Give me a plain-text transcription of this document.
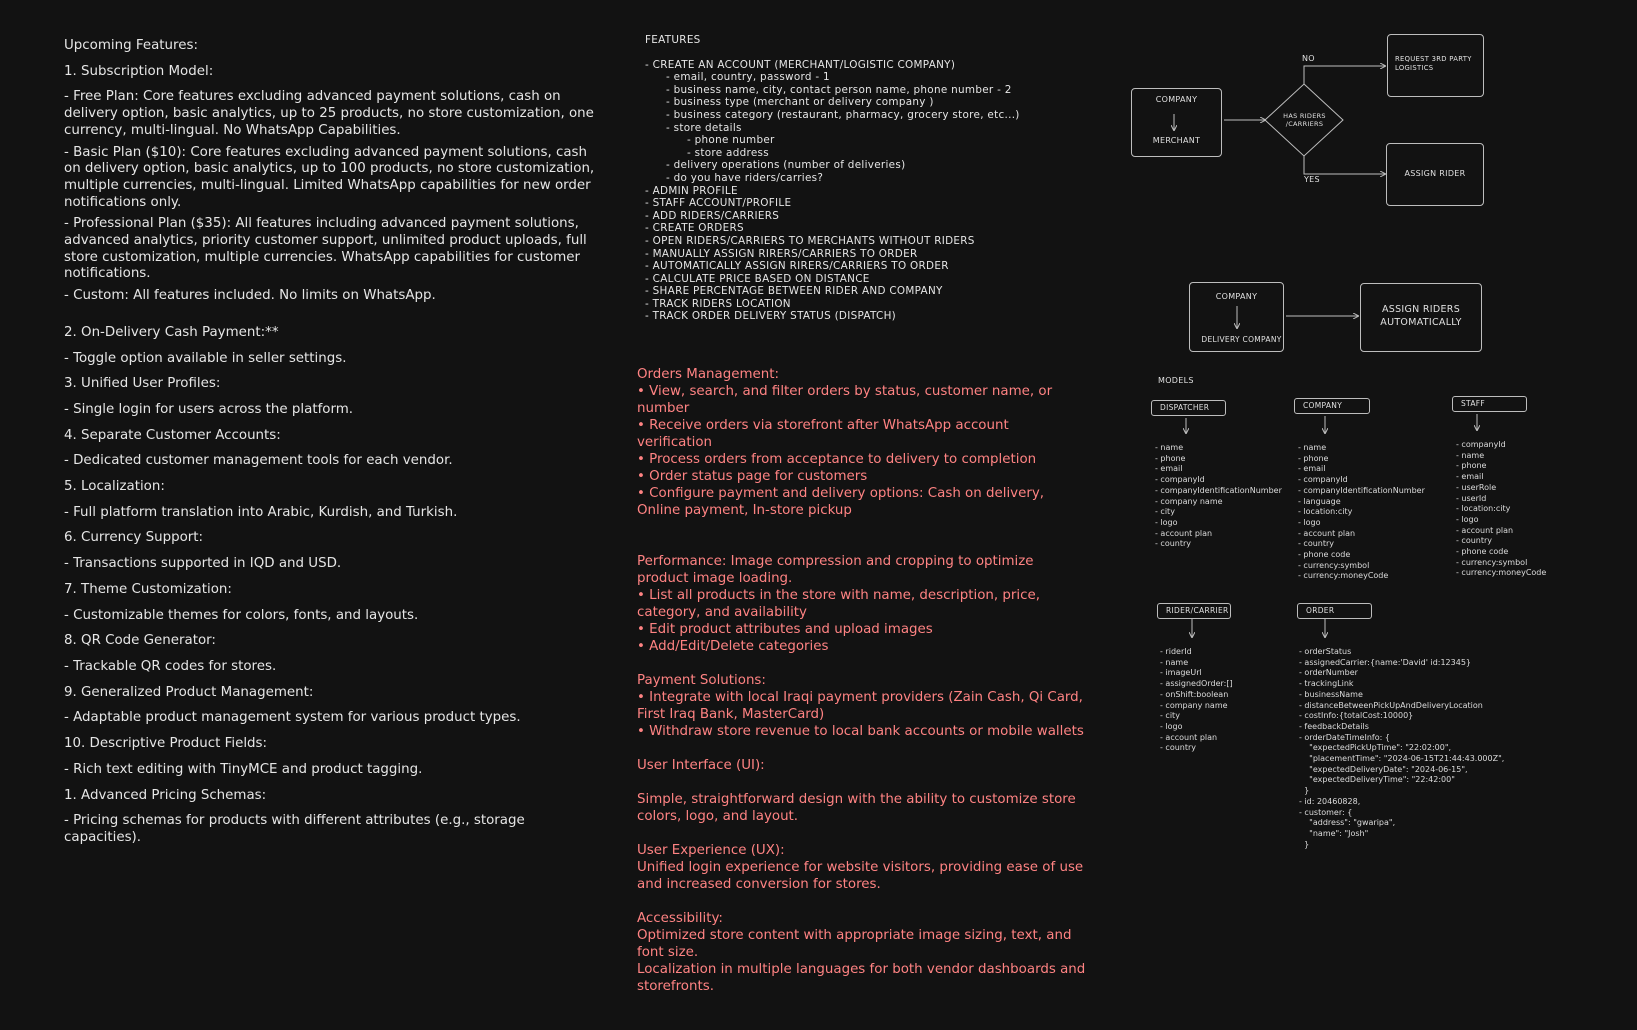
Upcoming Features:

1. Subscription Model:

- Free Plan: Core features excluding advanced payment solutions, cash on delivery option, basic analytics, up to 25 products, no store customization, one currency, multi-lingual. No WhatsApp Capabilities.

- Basic Plan ($10): Core features excluding advanced payment solutions, cash on delivery option, basic analytics, up to 100 products, no store customization, multiple currencies, multi-lingual. Limited WhatsApp capabilities for new order notifications only.

- Professional Plan ($35): All features including advanced payment solutions, advanced analytics, priority customer support, unlimited product uploads, full store customization, multiple currencies. WhatsApp capabilities for customer notifications.

- Custom: All features included. No limits on WhatsApp.

2. On-Delivery Cash Payment:**

- Toggle option available in seller settings.

3. Unified User Profiles:

- Single login for users across the platform.

4. Separate Customer Accounts:

- Dedicated customer management tools for each vendor.

5. Localization:

- Full platform translation into Arabic, Kurdish, and Turkish.

6. Currency Support:

- Transactions supported in IQD and USD.

7. Theme Customization:

- Customizable themes for colors, fonts, and layouts.

8. QR Code Generator:

- Trackable QR codes for stores.

9. Generalized Product Management:

- Adaptable product management system for various product types.

10. Descriptive Product Fields:

- Rich text editing with TinyMCE and product tagging.

1. Advanced Pricing Schemas:

- Pricing schemas for products with different attributes (e.g., storage capacities).

FEATURES
- CREATE AN ACCOUNT (MERCHANT/LOGISTIC COMPANY)
- email, country, password - 1
- business name, city, contact person name, phone number - 2
- business type (merchant or delivery company )
- business category (restaurant, pharmacy, grocery store, etc...)
- store details
- phone number
- store address
- delivery operations (number of deliveries)
- do you have riders/carries?
- ADMIN PROFILE
- STAFF ACCOUNT/PROFILE
- ADD RIDERS/CARRIERS
- CREATE ORDERS
- OPEN RIDERS/CARRIERS TO MERCHANTS WITHOUT RIDERS
- MANUALLY ASSIGN RIRERS/CARRIERS TO ORDER
- AUTOMATICALLY ASSIGN RIRERS/CARRIERS TO ORDER
- CALCULATE PRICE BASED ON DISTANCE
- SHARE PERCENTAGE BETWEEN RIDER AND COMPANY
- TRACK RIDERS LOCATION
- TRACK ORDER DELIVERY STATUS (DISPATCH)

Orders Management:

• View, search, and filter orders by status, customer name, or number

• Receive orders via storefront after WhatsApp account verification

• Process orders from acceptance to delivery to completion

• Order status page for customers

• Configure payment and delivery options: Cash on delivery, Online payment, In-store pickup

Performance: Image compression and cropping to optimize product image loading.

• List all products in the store with name, description, price, category, and availability

• Edit product attributes and upload images

• Add/Edit/Delete categories

Payment Solutions:

• Integrate with local Iraqi payment providers (Zain Cash, Qi Card, First Iraq Bank, MasterCard)

• Withdraw store revenue to local bank accounts or mobile wallets

User Interface (UI):

Simple, straightforward design with the ability to customize store colors, logo, and layout.

User Experience (UX):

Unified login experience for website visitors, providing ease of use and increased conversion for stores.

Accessibility:

Optimized store content with appropriate image sizing, text, and font size.

Localization in multiple languages for both vendor dashboards and storefronts.

COMPANY
MERCHANT
HAS RIDERS /CARRIERS
NO
YES
REQUEST 3RD PARTY LOGISTICS
ASSIGN RIDER
COMPANY
DELIVERY COMPANY
ASSIGN RIDERS AUTOMATICALLY
MODELS
DISPATCHER
- name
- phone
- email
- companyId
- companyIdentificationNumber
- company name
- city
- logo
- account plan
- country
COMPANY
- name
- phone
- email
- companyId
- companyIdentificationNumber
- language
- location:city
- logo
- account plan
- country
- phone code
- currency:symbol
- currency:moneyCode
STAFF
- companyId
- name
- phone
- email
- userRole
- userId
- location:city
- logo
- account plan
- country
- phone code
- currency:symbol
- currency:moneyCode
RIDER/CARRIER
- riderId
- name
- imageUrl
- assignedOrder:[]
- onShift:boolean
- company name
- city
- logo
- account plan
- country
ORDER
- orderStatus
- assignedCarrier:{name:'David' id:12345}
- orderNumber
- trackingLink
- businessName
- distanceBetweenPickUpAndDeliveryLocation
- costInfo:{totalCost:10000}
- feedbackDetails
- orderDateTimeInfo: {
"expectedPickUpTime": "22:02:00",
"placementTime": "2024-06-15T21:44:43.000Z",
"expectedDeliveryDate": "2024-06-15",
"expectedDeliveryTime": "22:42:00"
}
- id: 20460828,
- customer: {
"address": "gwaripa",
"name": "Josh"
}
